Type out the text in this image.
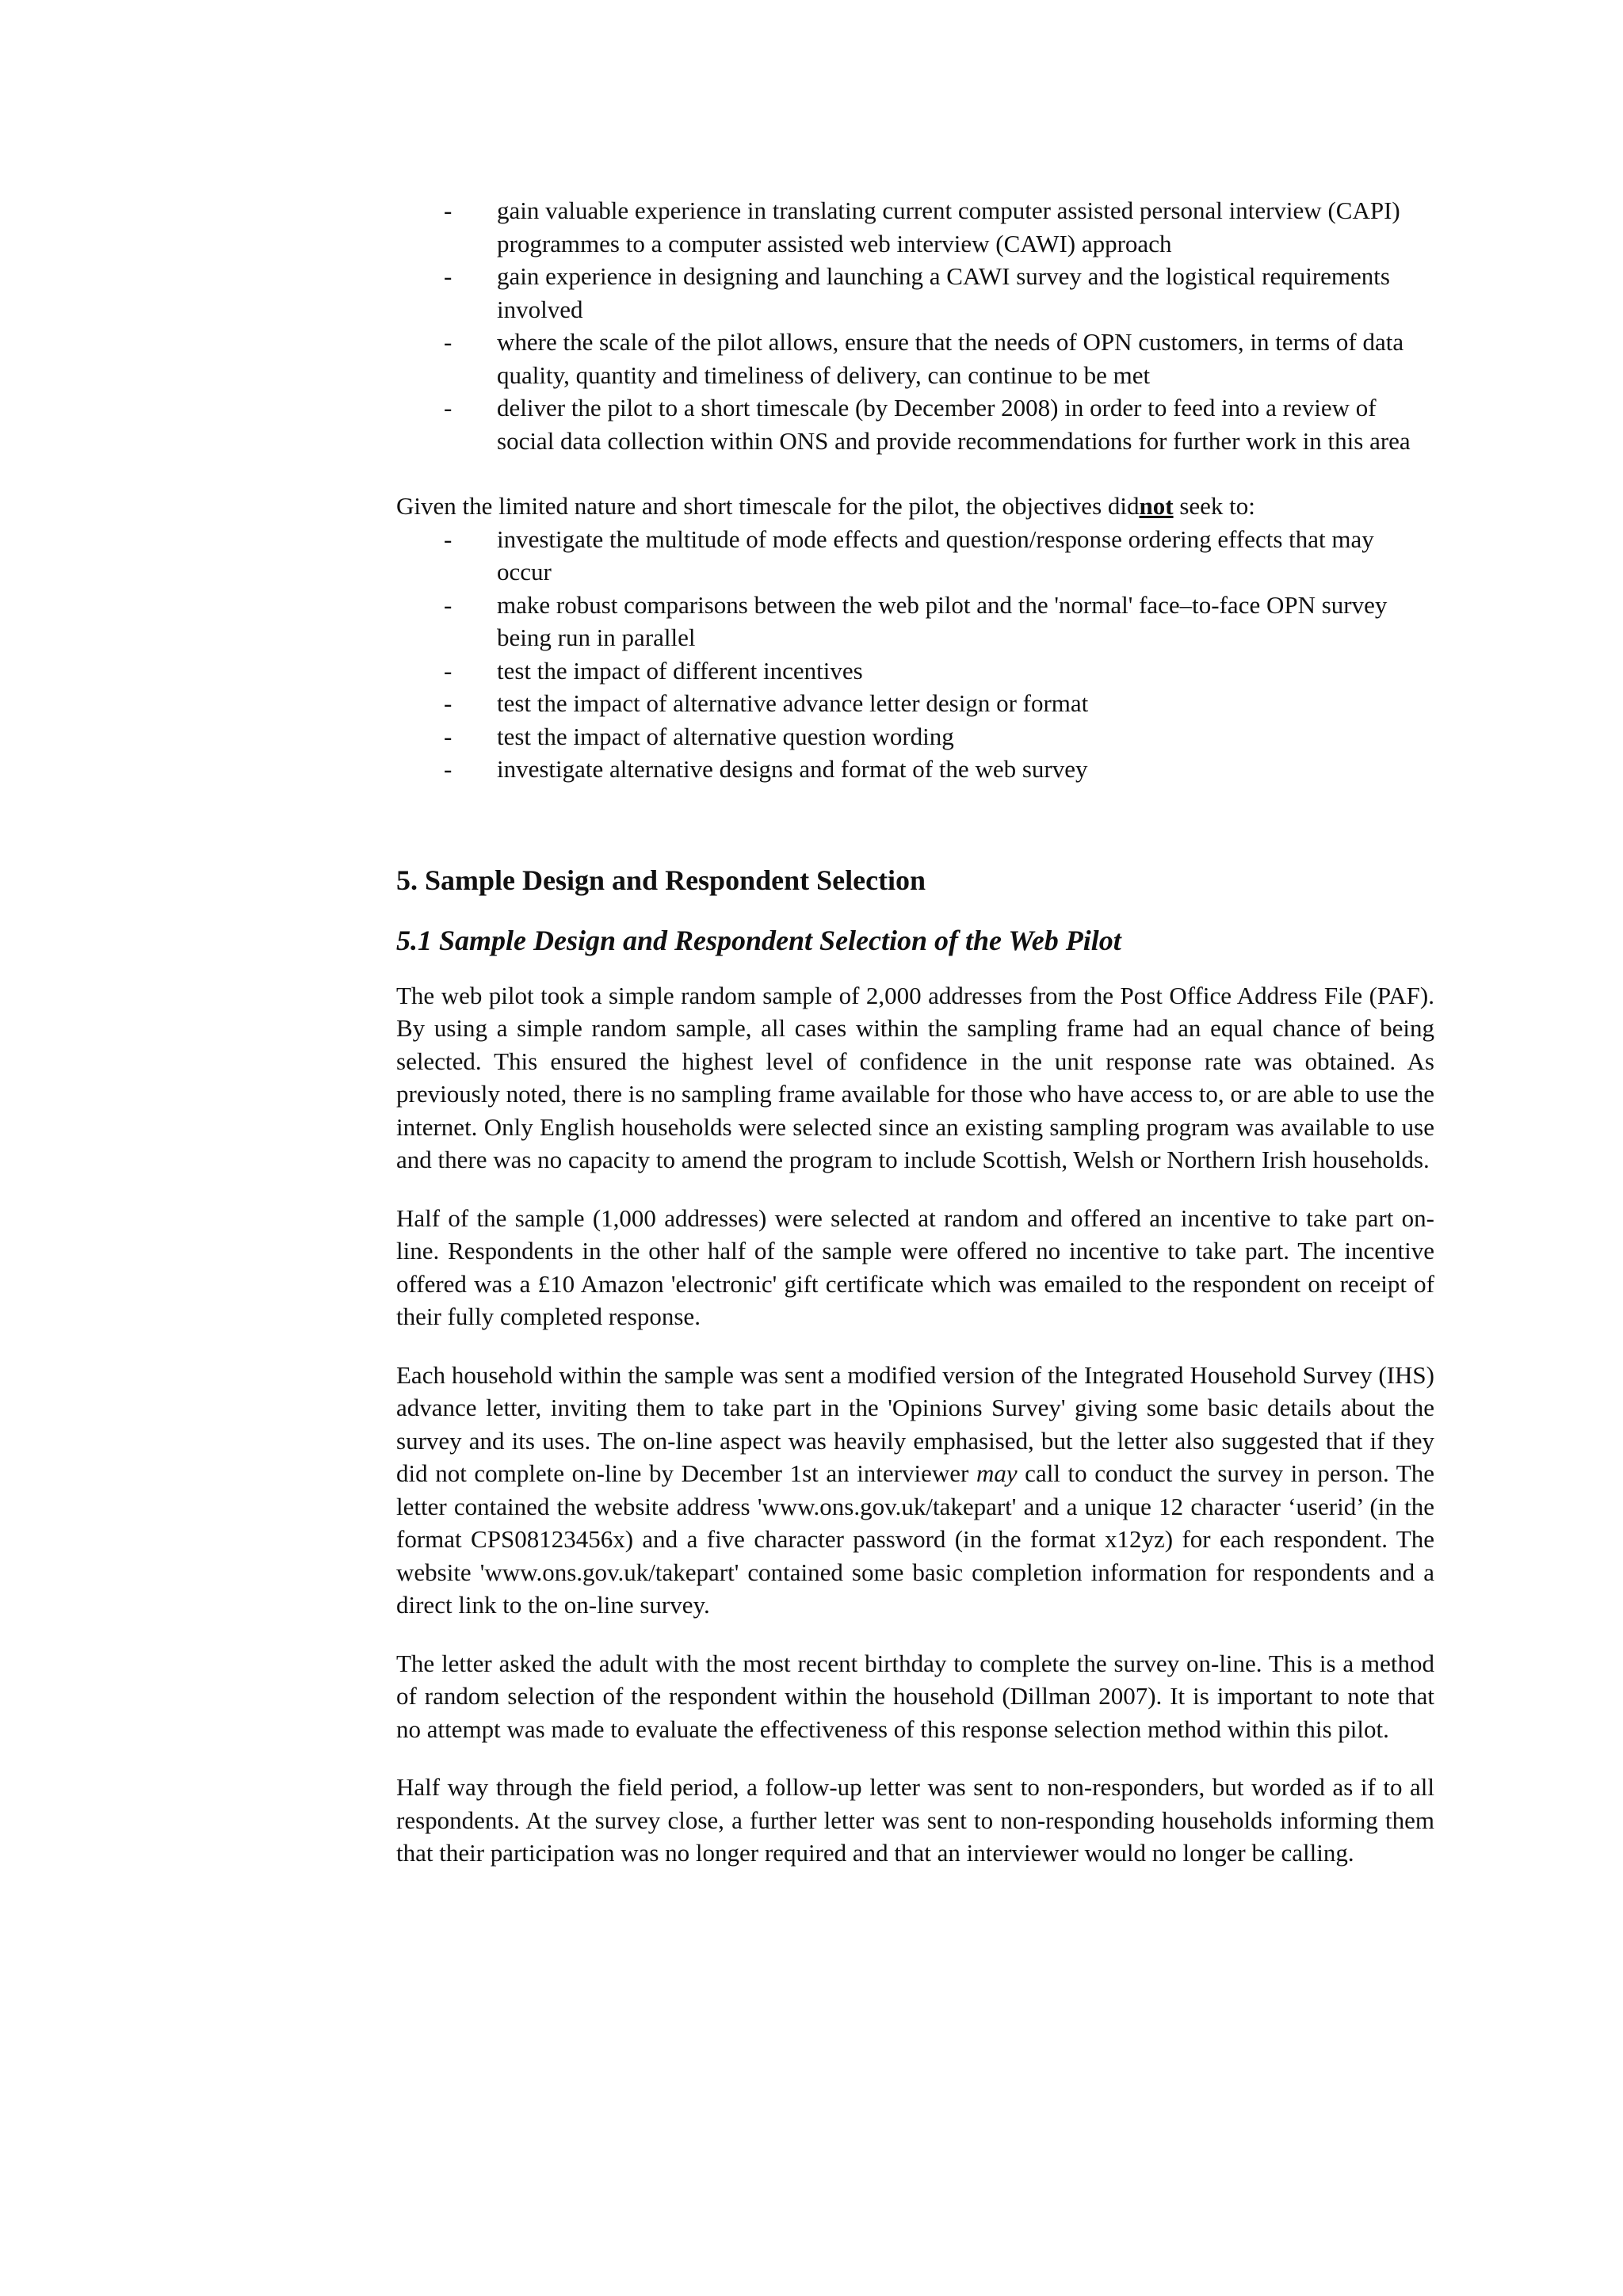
- gain valuable experience in translating current computer assisted personal interview (CAPI) programmes to a computer assisted web interview (CAWI) approach
- gain experience in designing and launching a CAWI survey and the logistical requirements involved
- where the scale of the pilot allows, ensure that the needs of OPN customers, in terms of data quality, quantity and timeliness of delivery, can continue to be met
- deliver the pilot to a short timescale (by December 2008) in order to feed into a review of social data collection within ONS and provide recommendations for further work in this area

Given the limited nature and short timescale for the pilot, the objectives didnot seek to:

- investigate the multitude of mode effects and question/response ordering effects that may occur
- make robust comparisons between the web pilot and the 'normal' face–to-face OPN survey being run in parallel
- test the impact of different incentives
- test the impact of alternative advance letter design or format
- test the impact of alternative question wording
- investigate alternative designs and format of the web survey
5. Sample Design and Respondent Selection
5.1 Sample Design and Respondent Selection of the Web Pilot

The web pilot took a simple random sample of 2,000 addresses from the Post Office Address File (PAF). By using a simple random sample, all cases within the sampling frame had an equal chance of being selected. This ensured the highest level of confidence in the unit response rate was obtained. As previously noted, there is no sampling frame available for those who have access to, or are able to use the internet. Only English households were selected since an existing sampling program was available to use and there was no capacity to amend the program to include Scottish, Welsh or Northern Irish households.

Half of the sample (1,000 addresses) were selected at random and offered an incentive to take part on-line. Respondents in the other half of the sample were offered no incentive to take part. The incentive offered was a £10 Amazon 'electronic' gift certificate which was emailed to the respondent on receipt of their fully completed response.

Each household within the sample was sent a modified version of the Integrated Household Survey (IHS) advance letter, inviting them to take part in the 'Opinions Survey' giving some basic details about the survey and its uses. The on-line aspect was heavily emphasised, but the letter also suggested that if they did not complete on-line by December 1st an interviewer may call to conduct the survey in person. The letter contained the website address 'www.ons.gov.uk/takepart' and a unique 12 character ‘userid’ (in the format CPS08123456x) and a five character password (in the format x12yz) for each respondent. The website 'www.ons.gov.uk/takepart' contained some basic completion information for respondents and a direct link to the on-line survey.

The letter asked the adult with the most recent birthday to complete the survey on-line. This is a method of random selection of the respondent within the household (Dillman 2007). It is important to note that no attempt was made to evaluate the effectiveness of this response selection method within this pilot.

Half way through the field period, a follow-up letter was sent to non-responders, but worded as if to all respondents. At the survey close, a further letter was sent to non-responding households informing them that their participation was no longer required and that an interviewer would no longer be calling.
